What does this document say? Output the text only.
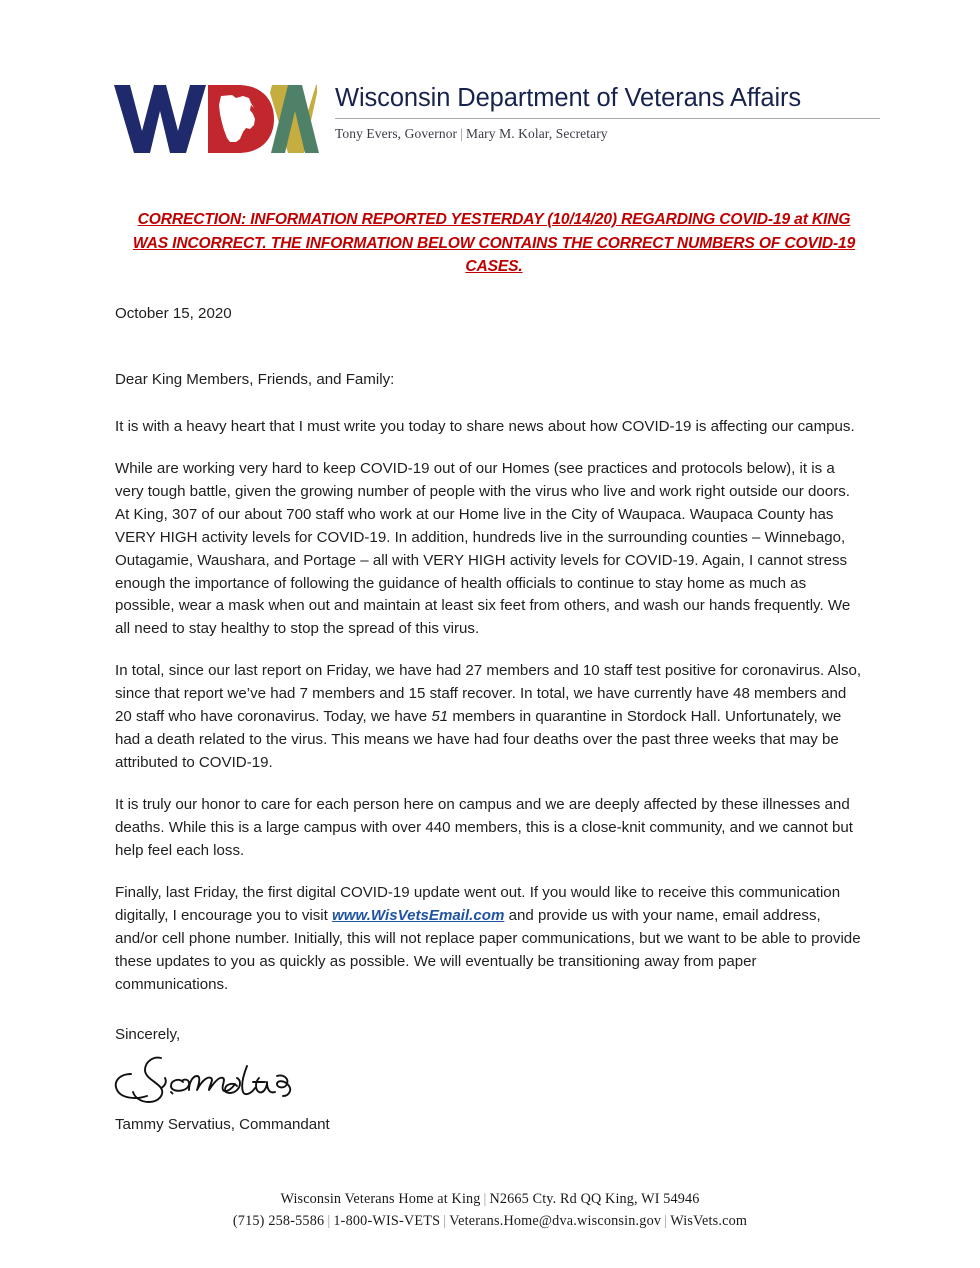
Wisconsin Department of Veterans Affairs
Tony Evers, Governor | Mary M. Kolar, Secretary
CORRECTION: INFORMATION REPORTED YESTERDAY (10/14/20) REGARDING COVID-19 at KING WAS INCORRECT. THE INFORMATION BELOW CONTAINS THE CORRECT NUMBERS OF COVID-19 CASES.

October 15, 2020

Dear King Members, Friends, and Family:

It is with a heavy heart that I must write you today to share news about how COVID-19 is affecting our campus.

While are working very hard to keep COVID-19 out of our Homes (see practices and protocols below), it is a very tough battle, given the growing number of people with the virus who live and work right outside our doors. At King, 307 of our about 700 staff who work at our Home live in the City of Waupaca. Waupaca County has VERY HIGH activity levels for COVID-19. In addition, hundreds live in the surrounding counties – Winnebago, Outagamie, Waushara, and Portage – all with VERY HIGH activity levels for COVID-19. Again, I cannot stress enough the importance of following the guidance of health officials to continue to stay home as much as possible, wear a mask when out and maintain at least six feet from others, and wash our hands frequently. We all need to stay healthy to stop the spread of this virus.

In total, since our last report on Friday, we have had 27 members and 10 staff test positive for coronavirus. Also, since that report we’ve had 7 members and 15 staff recover. In total, we have currently have 48 members and 20 staff who have coronavirus. Today, we have 51 members in quarantine in Stordock Hall. Unfortunately, we had a death related to the virus. This means we have had four deaths over the past three weeks that may be attributed to COVID-19.

It is truly our honor to care for each person here on campus and we are deeply affected by these illnesses and deaths. While this is a large campus with over 440 members, this is a close-knit community, and we cannot but help feel each loss.

Finally, last Friday, the first digital COVID-19 update went out. If you would like to receive this communication digitally, I encourage you to visit www.WisVetsEmail.com and provide us with your name, email address, and/or cell phone number. Initially, this will not replace paper communications, but we want to be able to provide these updates to you as quickly as possible. We will eventually be transitioning away from paper communications.

Sincerely,

Tammy Servatius, Commandant

Wisconsin Veterans Home at King | N2665 Cty. Rd QQ King, WI 54946
(715) 258-5586 | 1-800-WIS-VETS | Veterans.Home@dva.wisconsin.gov | WisVets.com
